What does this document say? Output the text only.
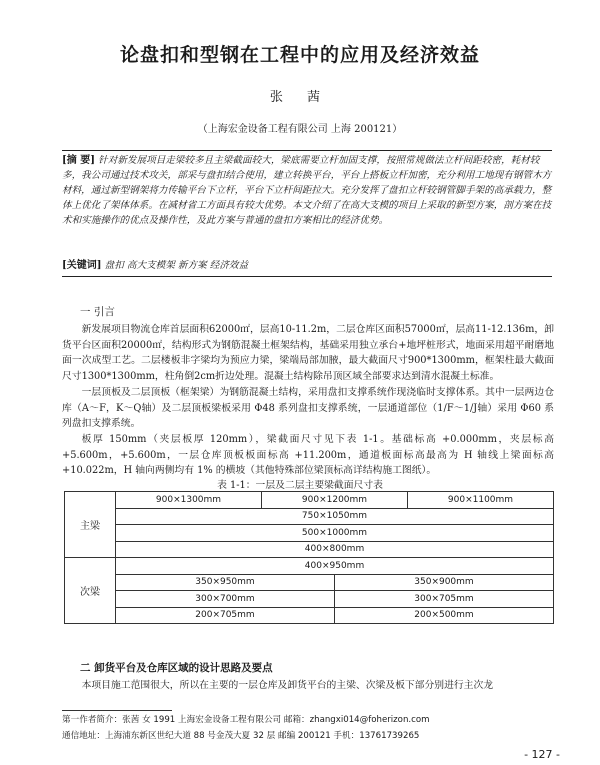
论盘扣和型钢在工程中的应用及经济效益
张 茜
（上海宏金设备工程有限公司 上海 200121）
[摘 要] 针对新发展项目走梁较多且主梁截面较大，梁底需要立杆加固支撑，按照常规做法立杆间距较密，耗材较多，我公司通过技术攻关，部采与盘扣结合使用，建立转换平台，平台上搭板立杆加密，充分利用工地现有钢管木方材料，通过新型钢架将力传输平台下立杆，平台下立杆间距拉大。充分发挥了盘扣立杆较钢管脚手架的高承载力，整体上优化了架体体系。在减材省工方面具有较大优势。本文介绍了在高大支模的项目上采取的新型方案，剖方案在技术和实施操作的优点及操作性，及此方案与普通的盘扣方案相比的经济优势。
[关键词] 盘扣 高大支模架 新方案 经济效益
一 引言
新发展项目物流仓库首层面积62000㎡，层高10-11.2m，二层仓库区面积57000㎡，层高11-12.136m，卸货平台区面积20000㎡，结构形式为钢筋混凝土框架结构，基础采用独立承台+地坪桩形式，地面采用超平耐磨地面一次成型工艺。二层楼板非字梁均为预应力梁，梁端局部加腋，最大截面尺寸900*1300mm，框架柱最大截面尺寸1300*1300mm，柱角倒2cm折边处理。混凝土结构除吊顶区域全部要求达到清水混凝土标准。
一层顶板及二层顶板（框架梁）为钢筋混凝土结构，采用盘扣支撑系统作现浇临时支撑体系。其中一层两边仓库（A～F，K～Q轴）及二层顶板梁板采用 Φ48 系列盘扣支撑系统，一层通道部位（1/F～1/J轴）采用 Φ60 系列盘扣支撑系统。
板厚 150mm（夹层板厚 120mm），梁截面尺寸见下表 1-1。基础标高 +0.000mm，夹层标高+5.600m，+5.600m，一层仓库顶板板面标高 +11.200m，通道板面标高最高为 H 轴线上梁面标高+10.022m，H 轴向两侧均有 1% 的横坡（其他特殊部位梁顶标高详结构施工图纸）。
表 1-1：一层及二层主要梁截面尺寸表
主梁	900×1300mm	900×1200mm		900×1100mm
	750×1050mm			
	500×1000mm			
	400×800mm			
次梁	400×950mm			
	350×950mm		350×900mm	
	300×700mm		300×705mm	
	200×705mm		200×500mm	
二 卸货平台及仓库区域的设计思路及要点
本项目施工范围很大，所以在主要的一层仓库及卸货平台的主梁、次梁及板下部分别进行主次龙
第一作者简介：张茜 女 1991 上海宏金设备工程有限公司 邮箱：zhangxi014@foherizon.com
通信地址：上海浦东新区世纪大道 88 号金茂大夏 32 层 邮编 200121 手机：13761739265
- 127 -
